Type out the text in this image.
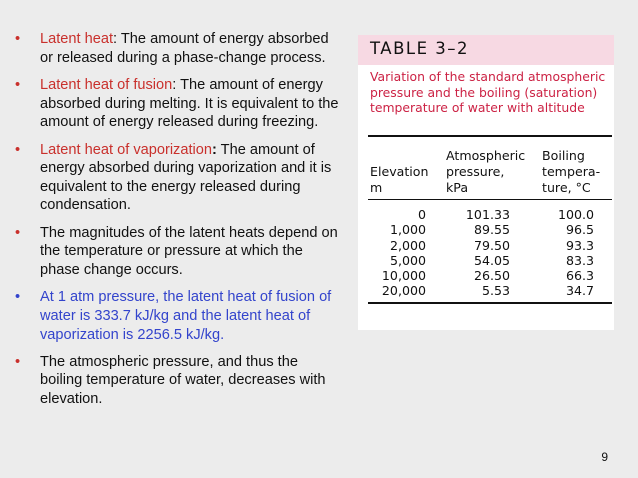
• Latent heat: The amount of energy absorbed or released during a phase-change process.
• Latent heat of fusion: The amount of energy absorbed during melting. It is equivalent to the amount of energy released during freezing.
• Latent heat of vaporization: The amount of energy absorbed during vaporization and it is equivalent to the energy released during condensation.
• The magnitudes of the latent heats depend on the temperature or pressure at which the phase change occurs.
• At 1 atm pressure, the latent heat of fusion of water is 333.7 kJ/kg and the latent heat of vaporization is 2256.5 kJ/kg.
• The atmospheric pressure, and thus the boiling temperature of water, decreases with elevation.
TABLE 3–2
Variation of the standard atmospheric pressure and the boiling (saturation) temperature of water with altitude
Elevation
m
Atmospheric
pressure,
kPa
Boiling
tempera-
ture, °C
0
1,000
2,000
5,000
10,000
20,000
101.33
89.55
79.50
54.05
26.50
5.53
100.0
96.5
93.3
83.3
66.3
34.7
9
